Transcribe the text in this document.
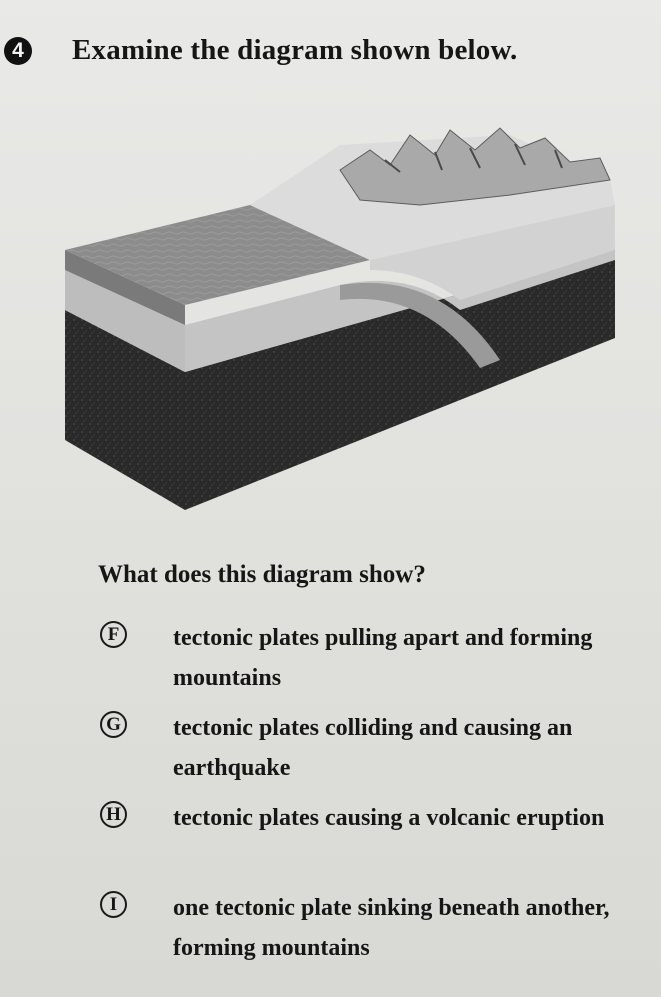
4 Examine the diagram shown below.
What does this diagram show?
F	tectonic plates pulling apart and forming mountains
G tectonic plates colliding and causing an earthquake
H tectonic plates causing a volcanic eruption
I	one tectonic plate sinking beneath another, forming mountains
